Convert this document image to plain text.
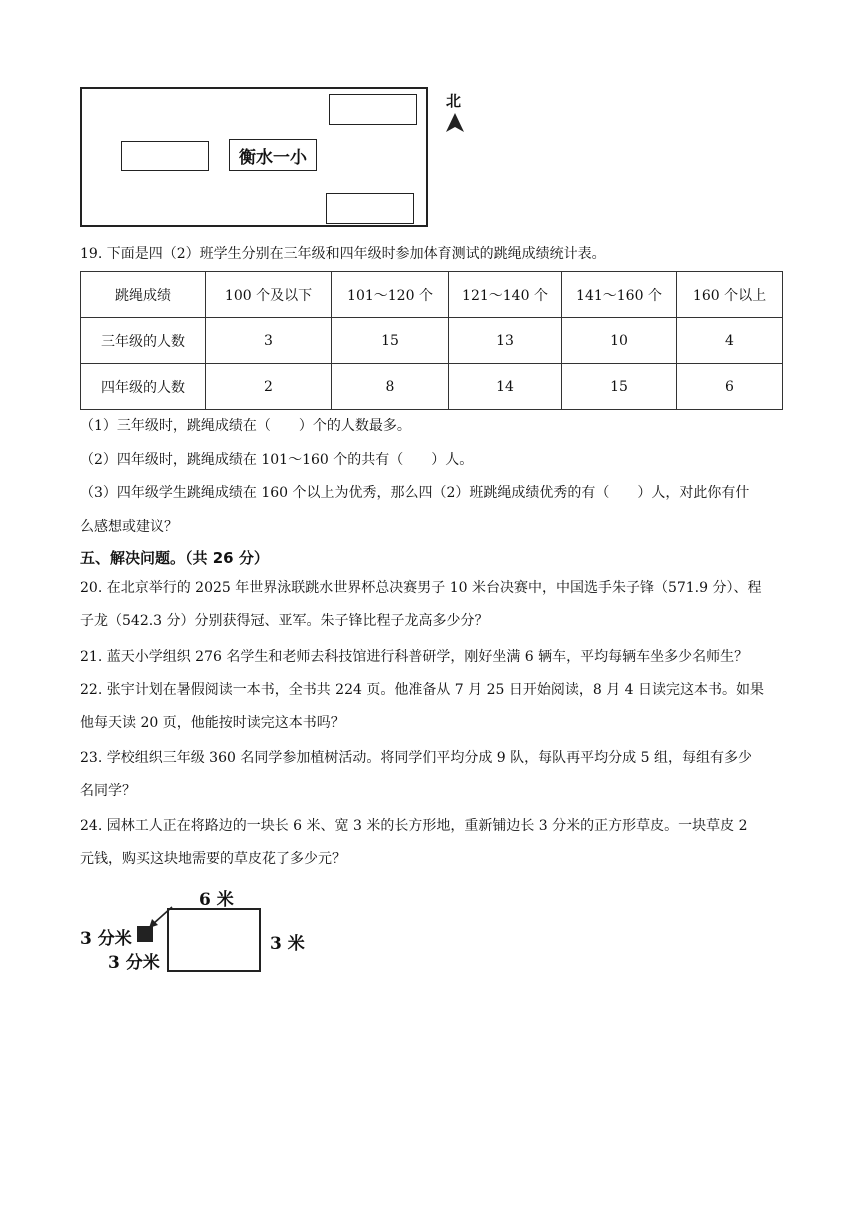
衡水一小
北
19. 下面是四（2）班学生分别在三年级和四年级时参加体育测试的跳绳成绩统计表。
跳绳成绩	100 个及以下	101～120 个	121～140 个	141～160 个	160 个以上
三年级的人数	3	15	13	10	4
四年级的人数	2	8	14	15	6
（1）三年级时，跳绳成绩在（　　）个的人数最多。
（2）四年级时，跳绳成绩在 101～160 个的共有（　　）人。
（3）四年级学生跳绳成绩在 160 个以上为优秀，那么四（2）班跳绳成绩优秀的有（　　）人，对此你有什
么感想或建议？
五、解决问题。（共 26 分）
20. 在北京举行的 2025 年世界泳联跳水世界杯总决赛男子 10 米台决赛中，中国选手朱子锋（571.9 分）、程
子龙（542.3 分）分别获得冠、亚军。朱子锋比程子龙高多少分？
21. 蓝天小学组织 276 名学生和老师去科技馆进行科普研学，刚好坐满 6 辆车，平均每辆车坐多少名师生？
22. 张宇计划在暑假阅读一本书，全书共 224 页。他准备从 7 月 25 日开始阅读，8 月 4 日读完这本书。如果
他每天读 20 页，他能按时读完这本书吗？
23. 学校组织三年级 360 名同学参加植树活动。将同学们平均分成 9 队，每队再平均分成 5 组，每组有多少
名同学？
24. 园林工人正在将路边的一块长 6 米、宽 3 米的长方形地，重新铺边长 3 分米的正方形草皮。一块草皮 2
元钱，购买这块地需要的草皮花了多少元？
6 米
3 米
3 分米
3 分米
